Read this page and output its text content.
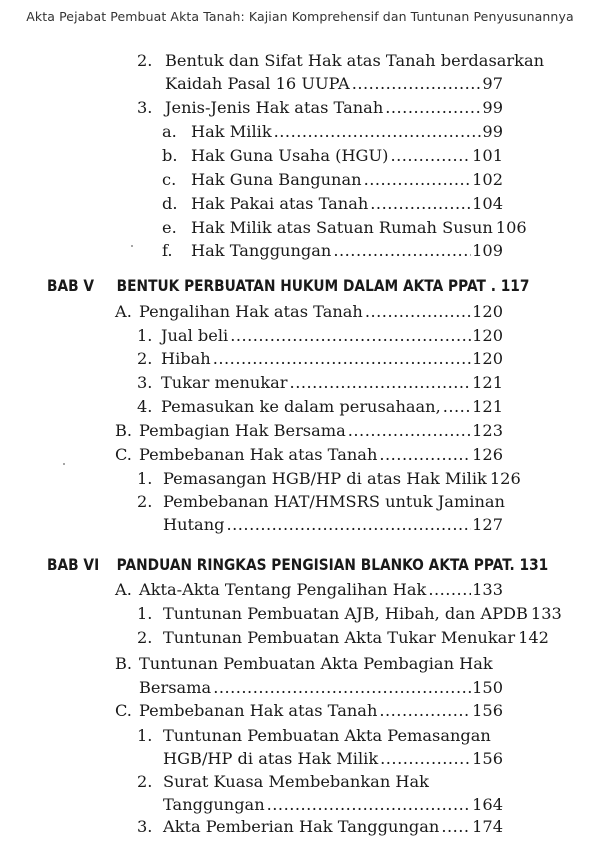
Akta Pejabat Pembuat Akta Tanah: Kajian Komprehensif dan Tuntunan Penyusunannya
2. Bentuk dan Sifat Hak atas Tanah berdasarkan
Kaidah Pasal 16 UUPA .....	97
3. Jenis-Jenis Hak atas Tanah .....	99
a. Hak Milik .....	99
b. Hak Guna Usaha (HGU) .....	101
c. Hak Guna Bangunan .....	102
d. Hak Pakai atas Tanah .....	104
e. Hak Milik atas Satuan Rumah Susun 106
f. Hak Tanggungan .....	109
BAB V BENTUK PERBUATAN HUKUM DALAM AKTA PPAT . 117
A. Pengalihan Hak atas Tanah .....	120
1. Jual beli .....	120
2. Hibah .....	120
3. Tukar menukar .....	121
4. Pemasukan ke dalam perusahaan, ..... 121
B. Pembagian Hak Bersama .....	123
C. Pembebanan Hak atas Tanah .....	126
1. Pemasangan HGB/HP di atas Hak Milik 126
2. Pembebanan HAT/HMSRS untuk Jaminan
Hutang .....	127
BAB VI PANDUAN RINGKAS PENGISIAN BLANKO AKTA PPAT. 131
A. Akta-Akta Tentang Pengalihan Hak .....	133
1. Tuntunan Pembuatan AJB, Hibah, dan APDB 133
2. Tuntunan Pembuatan Akta Tukar Menukar 142
B. Tuntunan Pembuatan Akta Pembagian Hak
Bersama .....	150
C. Pembebanan Hak atas Tanah .....	156
1. Tuntunan Pembuatan Akta Pemasangan
HGB/HP di atas Hak Milik .....	156
2. Surat Kuasa Membebankan Hak
Tanggungan .....	164
3. Akta Pemberian Hak Tanggungan ..... 174
